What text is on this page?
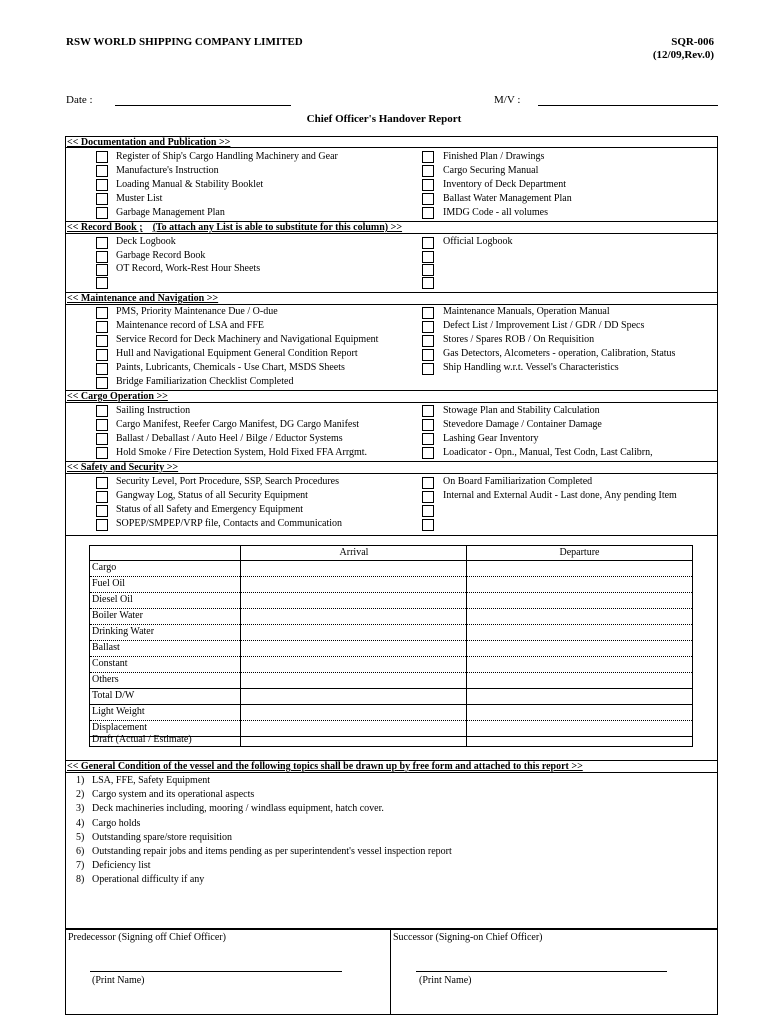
RSW WORLD SHIPPING COMPANY LIMITED	SQR-006
(12/09,Rev.0)
Date :	M/V :
Chief Officer's Handover Report
<< Documentation and Publication >>
Register of Ship's Cargo Handling Machinery and Gear
Manufacture's Instruction
Loading Manual & Stability Booklet
Muster List
Garbage Management Plan
Finished Plan / Drawings
Cargo Securing Manual
Inventory of Deck Department
Ballast Water Management Plan
IMDG Code - all volumes
<< Record Book ; (To attach any List is able to substitute for this column) >>
Deck Logbook
Garbage Record Book
OT Record, Work-Rest Hour Sheets
Official Logbook
<< Maintenance and Navigation >>
PMS, Priority Maintenance Due / O-due
Maintenance record of LSA and FFE
Service Record for Deck Machinery and Navigational Equipment
Hull and Navigational Equipment General Condition Report
Paints, Lubricants, Chemicals - Use Chart, MSDS Sheets
Bridge Familiarization Checklist Completed
Maintenance Manuals, Operation Manual
Defect List / Improvement List / GDR / DD Specs
Stores / Spares ROB / On Requisition
Gas Detectors, Alcometers - operation, Calibration, Status
Ship Handling w.r.t. Vessel's Characteristics
<< Cargo Operation >>
Sailing Instruction
Cargo Manifest, Reefer Cargo Manifest, DG Cargo Manifest
Ballast / Deballast / Auto Heel / Bilge / Eductor Systems
Hold Smoke / Fire Detection System, Hold Fixed FFA Arrgmt.
Stowage Plan and Stability Calculation
Stevedore Damage / Container Damage
Lashing Gear Inventory
Loadicator - Opn., Manual, Test Codn, Last Calibrn,
<< Safety and Security >>
Security Level, Port Procedure, SSP, Search Procedures
Gangway Log, Status of all Security Equipment
Status of all Safety and Emergency Equipment
SOPEP/SMPEP/VRP file, Contacts and Communication
On Board Familiarization Completed
Internal and External Audit - Last done, Any pending Item
Arrival	Departure
Cargo
Fuel Oil
Diesel Oil
Boiler Water
Drinking Water
Ballast
Constant
Others
Total D/W
Light Weight
Displacement
Draft (Actual / Estimate)
<< General Condition of the vessel and the following topics shall be drawn up by free form and attached to this report >>
1) LSA, FFE, Safety Equipment
2) Cargo system and its operational aspects
3) Deck machineries including, mooring / windlass equipment, hatch cover.
4) Cargo holds
5) Outstanding spare/store requisition
6) Outstanding repair jobs and items pending as per superintendent's vessel inspection report
7) Deficiency list
8) Operational difficulty if any
Predecessor (Signing off Chief Officer)
(Print Name)
Successor (Signing-on Chief Officer)
(Print Name)
